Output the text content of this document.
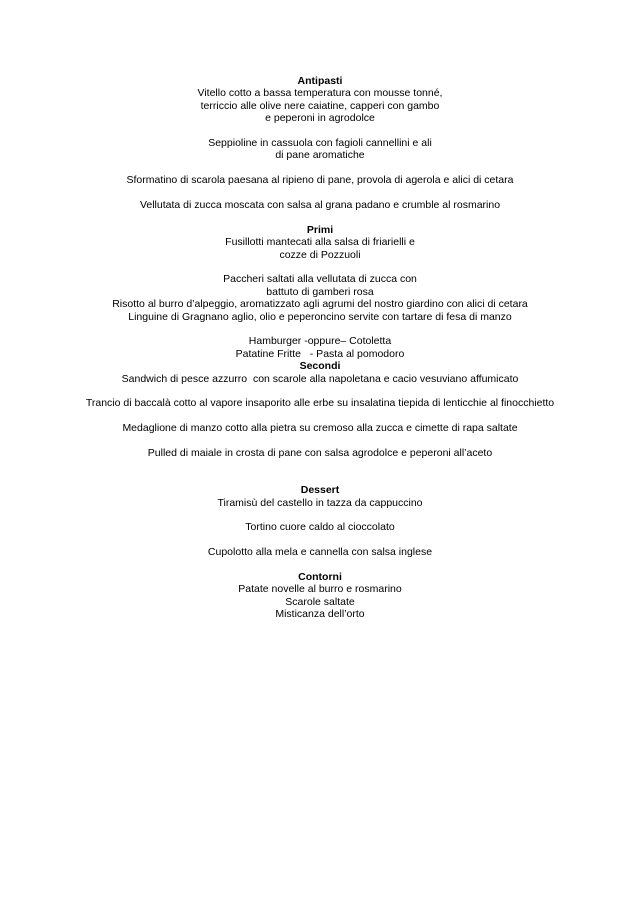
Antipasti
Vitello cotto a bassa temperatura con mousse tonné,
terriccio alle olive nere caiatine, capperi con gambo
e peperoni in agrodolce
Seppioline in cassuola con fagioli cannellini e ali
di pane aromatiche
Sformatino di scarola paesana al ripieno di pane, provola di agerola e alici di cetara
Vellutata di zucca moscata con salsa al grana padano e crumble al rosmarino
Primi
Fusillotti mantecati alla salsa di friarielli e
cozze di Pozzuoli
Paccheri saltati alla vellutata di zucca con
battuto di gamberi rosa
Risotto al burro d’alpeggio, aromatizzato agli agrumi del nostro giardino con alici di cetara
Linguine di Gragnano aglio, olio e peperoncino servite con tartare di fesa di manzo
Hamburger -oppure– Cotoletta
Patatine Fritte   - Pasta al pomodoro
Secondi
Sandwich di pesce azzurro  con scarole alla napoletana e cacio vesuviano affumicato
Trancio di baccalà cotto al vapore insaporito alle erbe su insalatina tiepida di lenticchie al finocchietto
Medaglione di manzo cotto alla pietra su cremoso alla zucca e cimette di rapa saltate
Pulled di maiale in crosta di pane con salsa agrodolce e peperoni all’aceto
Dessert
Tiramisù del castello in tazza da cappuccino
Tortino cuore caldo al cioccolato
Cupolotto alla mela e cannella con salsa inglese
Contorni
Patate novelle al burro e rosmarino
Scarole saltate
Misticanza dell’orto
